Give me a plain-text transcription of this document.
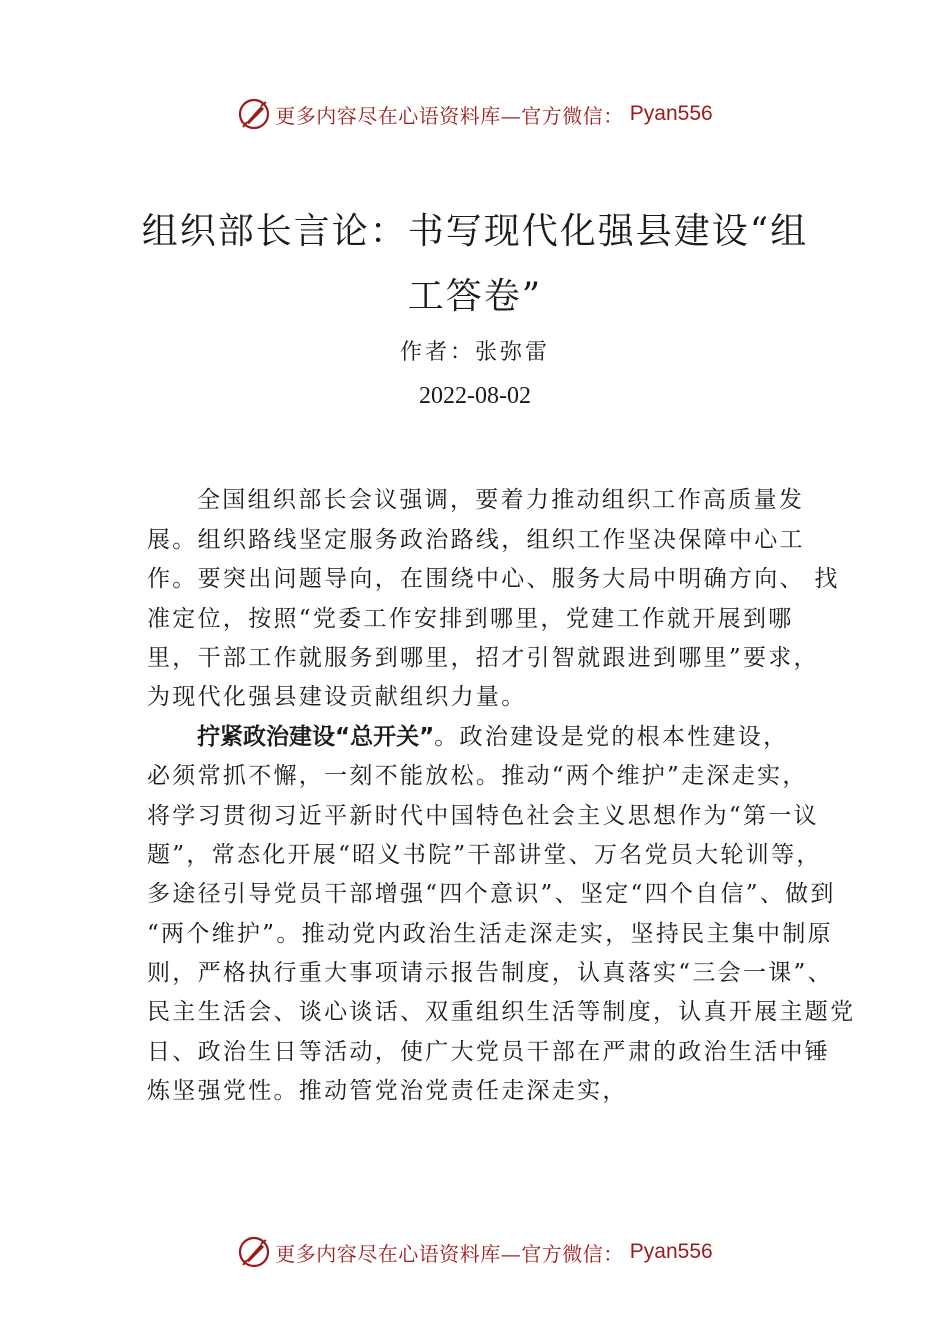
更多内容尽在心语资料库—官方微信： Pyan556
组织部长言论：书写现代化强县建设“组
工答卷”
作者：张弥雷
2022-08-02
全国组织部长会议强调，要着力推动组织工作高质量发
展。组织路线坚定服务政治路线，组织工作坚决保障中心工
作。要突出问题导向，在围绕中心、服务大局中明确方向、 找
准定位，按照“党委工作安排到哪里，党建工作就开展到哪
里，干部工作就服务到哪里，招才引智就跟进到哪里”要求，
为现代化强县建设贡献组织力量。
拧紧政治建设“总开关”。政治建设是党的根本性建设，
必须常抓不懈，一刻不能放松。推动“两个维护”走深走实，
将学习贯彻习近平新时代中国特色社会主义思想作为“第一议
题”，常态化开展“昭义书院”干部讲堂、万名党员大轮训等，
多途径引导党员干部增强“四个意识”、坚定“四个自信”、做到
“两个维护”。推动党内政治生活走深走实，坚持民主集中制原
则，严格执行重大事项请示报告制度，认真落实“三会一课”、
民主生活会、谈心谈话、双重组织生活等制度，认真开展主题党
日、政治生日等活动，使广大党员干部在严肃的政治生活中锤
炼坚强党性。推动管党治党责任走深走实，
更多内容尽在心语资料库—官方微信： Pyan556
